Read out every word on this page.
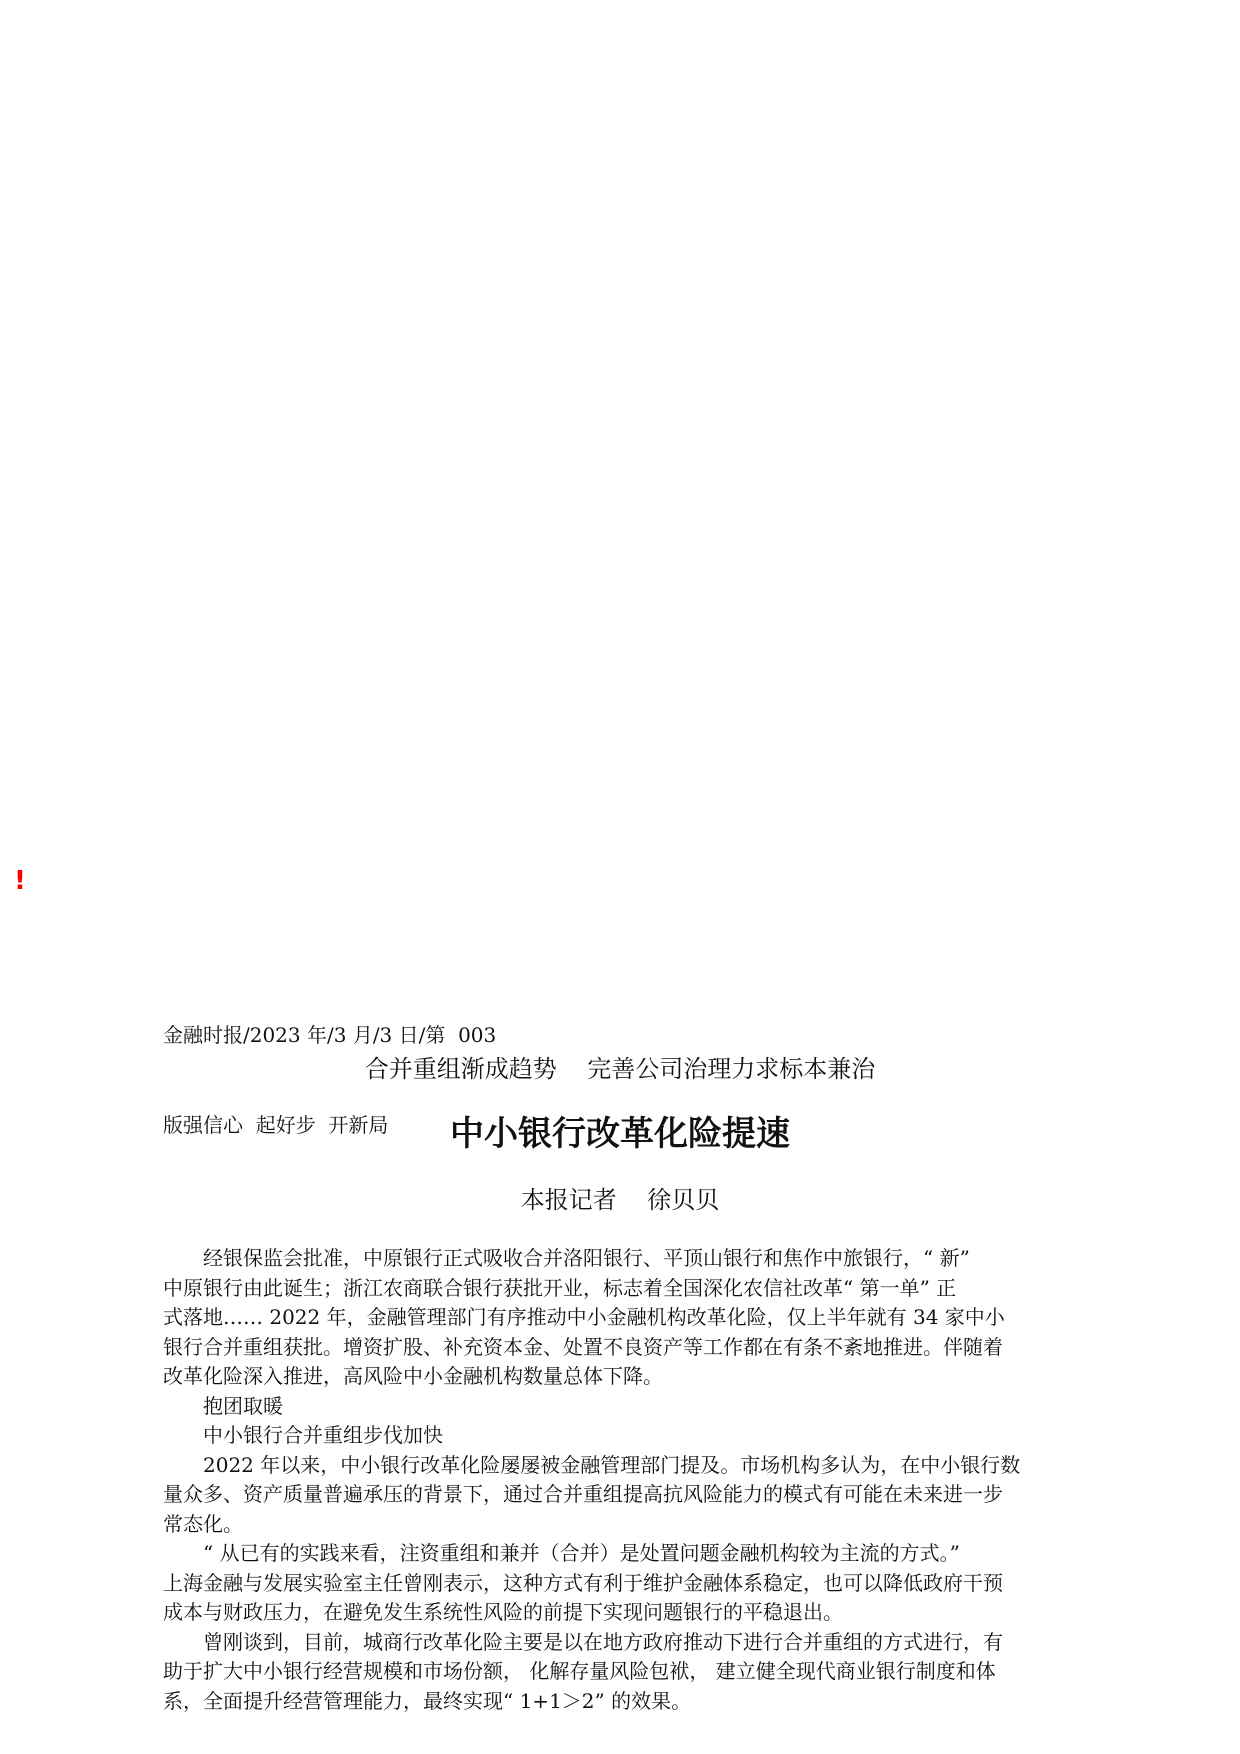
!

金融时报/2023 年/3 月/3 日/第  003

版强信心  起好步  开新局

合并重组渐成趋势    完善公司治理力求标本兼治
中小银行改革化险提速
本报记者    徐贝贝

经银保监会批准，中原银行正式吸收合并洛阳银行、平顶山银行和焦作中旅银行，“ 新”
中原银行由此诞生；浙江农商联合银行获批开业，标志着全国深化农信社改革“ 第一单” 正
式落地…… 2022 年，金融管理部门有序推动中小金融机构改革化险，仅上半年就有 34 家中小
银行合并重组获批。增资扩股、补充资本金、处置不良资产等工作都在有条不紊地推进。伴随着
改革化险深入推进，高风险中小金融机构数量总体下降。

抱团取暖

中小银行合并重组步伐加快

2022 年以来，中小银行改革化险屡屡被金融管理部门提及。市场机构多认为，在中小银行数
量众多、资产质量普遍承压的背景下，通过合并重组提高抗风险能力的模式有可能在未来进一步
常态化。

“ 从已有的实践来看，注资重组和兼并（合并）是处置问题金融机构较为主流的方式。”
上海金融与发展实验室主任曾刚表示，这种方式有利于维护金融体系稳定，也可以降低政府干预
成本与财政压力，在避免发生系统性风险的前提下实现问题银行的平稳退出。

曾刚谈到，目前，城商行改革化险主要是以在地方政府推动下进行合并重组的方式进行，有
助于扩大中小银行经营规模和市场份额， 化解存量风险包袱， 建立健全现代商业银行制度和体
系，全面提升经营管理能力，最终实现“ 1+1＞2” 的效果。
